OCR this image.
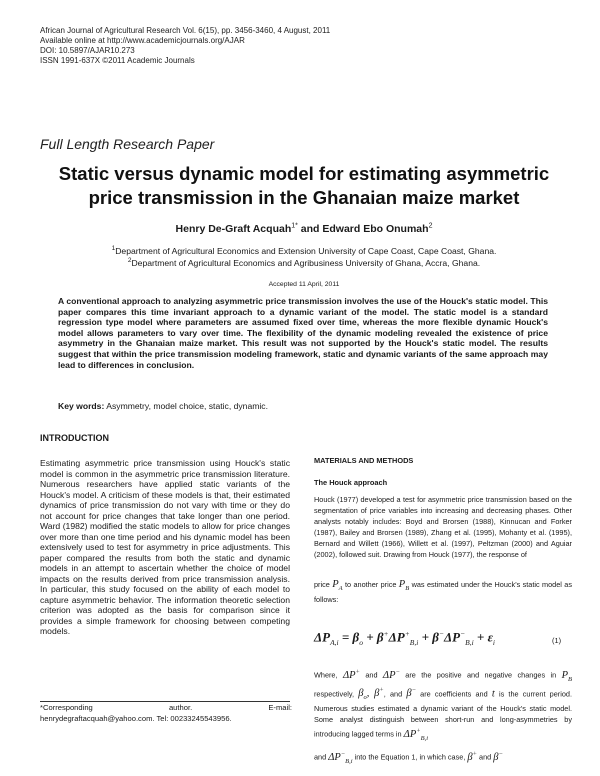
African Journal of Agricultural Research Vol. 6(15), pp. 3456-3460, 4 August, 2011
Available online at http://www.academicjournals.org/AJAR
DOI: 10.5897/AJAR10.273
ISSN 1991-637X ©2011 Academic Journals
Full Length Research Paper
Static versus dynamic model for estimating asymmetric price transmission in the Ghanaian maize market
Henry De-Graft Acquah$^{1*}$ and Edward Ebo Onumah$^2$
$^1$Department of Agricultural Economics and Extension University of Cape Coast, Cape Coast, Ghana.
$^2$Department of Agricultural Economics and Agribusiness University of Ghana, Accra, Ghana.
Accepted 11 April, 2011
A conventional approach to analyzing asymmetric price transmission involves the use of the Houck's static model. This paper compares this time invariant approach to a dynamic variant of the model. The static model is a standard regression type model where parameters are assumed fixed over time, whereas the more flexible dynamic Houck's model allows parameters to vary over time. The flexibility of the dynamic modeling revealed the existence of price asymmetry in the Ghanaian maize market. This result was not supported by the Houck's static model. The results suggest that within the price transmission modeling framework, static and dynamic variants of the same approach may lead to differences in conclusion.
Key words: Asymmetry, model choice, static, dynamic.
INTRODUCTION
Estimating asymmetric price transmission using Houck's static model is common in the asymmetric price transmission literature. Numerous researchers have applied static variants of the Houck's model. A criticism of these models is that, their estimated dynamics of price transmission do not vary with time or they do not account for price changes that take longer than one period. Ward (1982) modified the static models to allow for price changes over more than one time period and his dynamic model has been extensively used to test for asymmetry in price adjustments. This paper compared the results from both the static and dynamic models in an attempt to ascertain whether the choice of model impacts on the results derived from price transmission analysis. In particular, this study focused on the ability of each model to capture asymmetric behavior. The information theoretic selection criterion was adopted as the basis for comparison since it provides a simple framework for choosing between competing models.
*Corresponding	author.	E-mail:
henrydegraftacquah@yahoo.com. Tel: 00233245543956.
MATERIALS AND METHODS
The Houck approach
Houck (1977) developed a test for asymmetric price transmission based on the segmentation of price variables into increasing and decreasing phases. Other analysts notably includes: Boyd and Brorsen (1988), Kinnucan and Forker (1987), Bailey and Brorsen (1989), Zhang et al. (1995), Mohanty et al. (1995), Bernard and Willett (1966), Willett et al. (1997), Peltzman (2000) and Aguiar (2002), followed suit. Drawing from Houck (1977), the response of
price $P_A$ to another price $P_B$ was estimated under the Houck's static model as follows:
$\Delta P_{A,i} = \beta_o + \beta^+\Delta P^+_{B,i} + \beta^-\Delta P^-_{B,i} + \varepsilon_i$	(1)
Where, ΔP+ and ΔP− are the positive and negative changes in $P_B$ respectively, $\beta_o$, β+, and β− are coefficients and t is the current period. Numerous studies estimated a dynamic variant of the Houck's static model. Some analyst distinguish between short-run and long-asymmetries by introducing lagged terms in $\Delta P^+_{B,i}$
and $\Delta P^-_{B,i}$ into the Equation 1, in which case, β+ and β−
